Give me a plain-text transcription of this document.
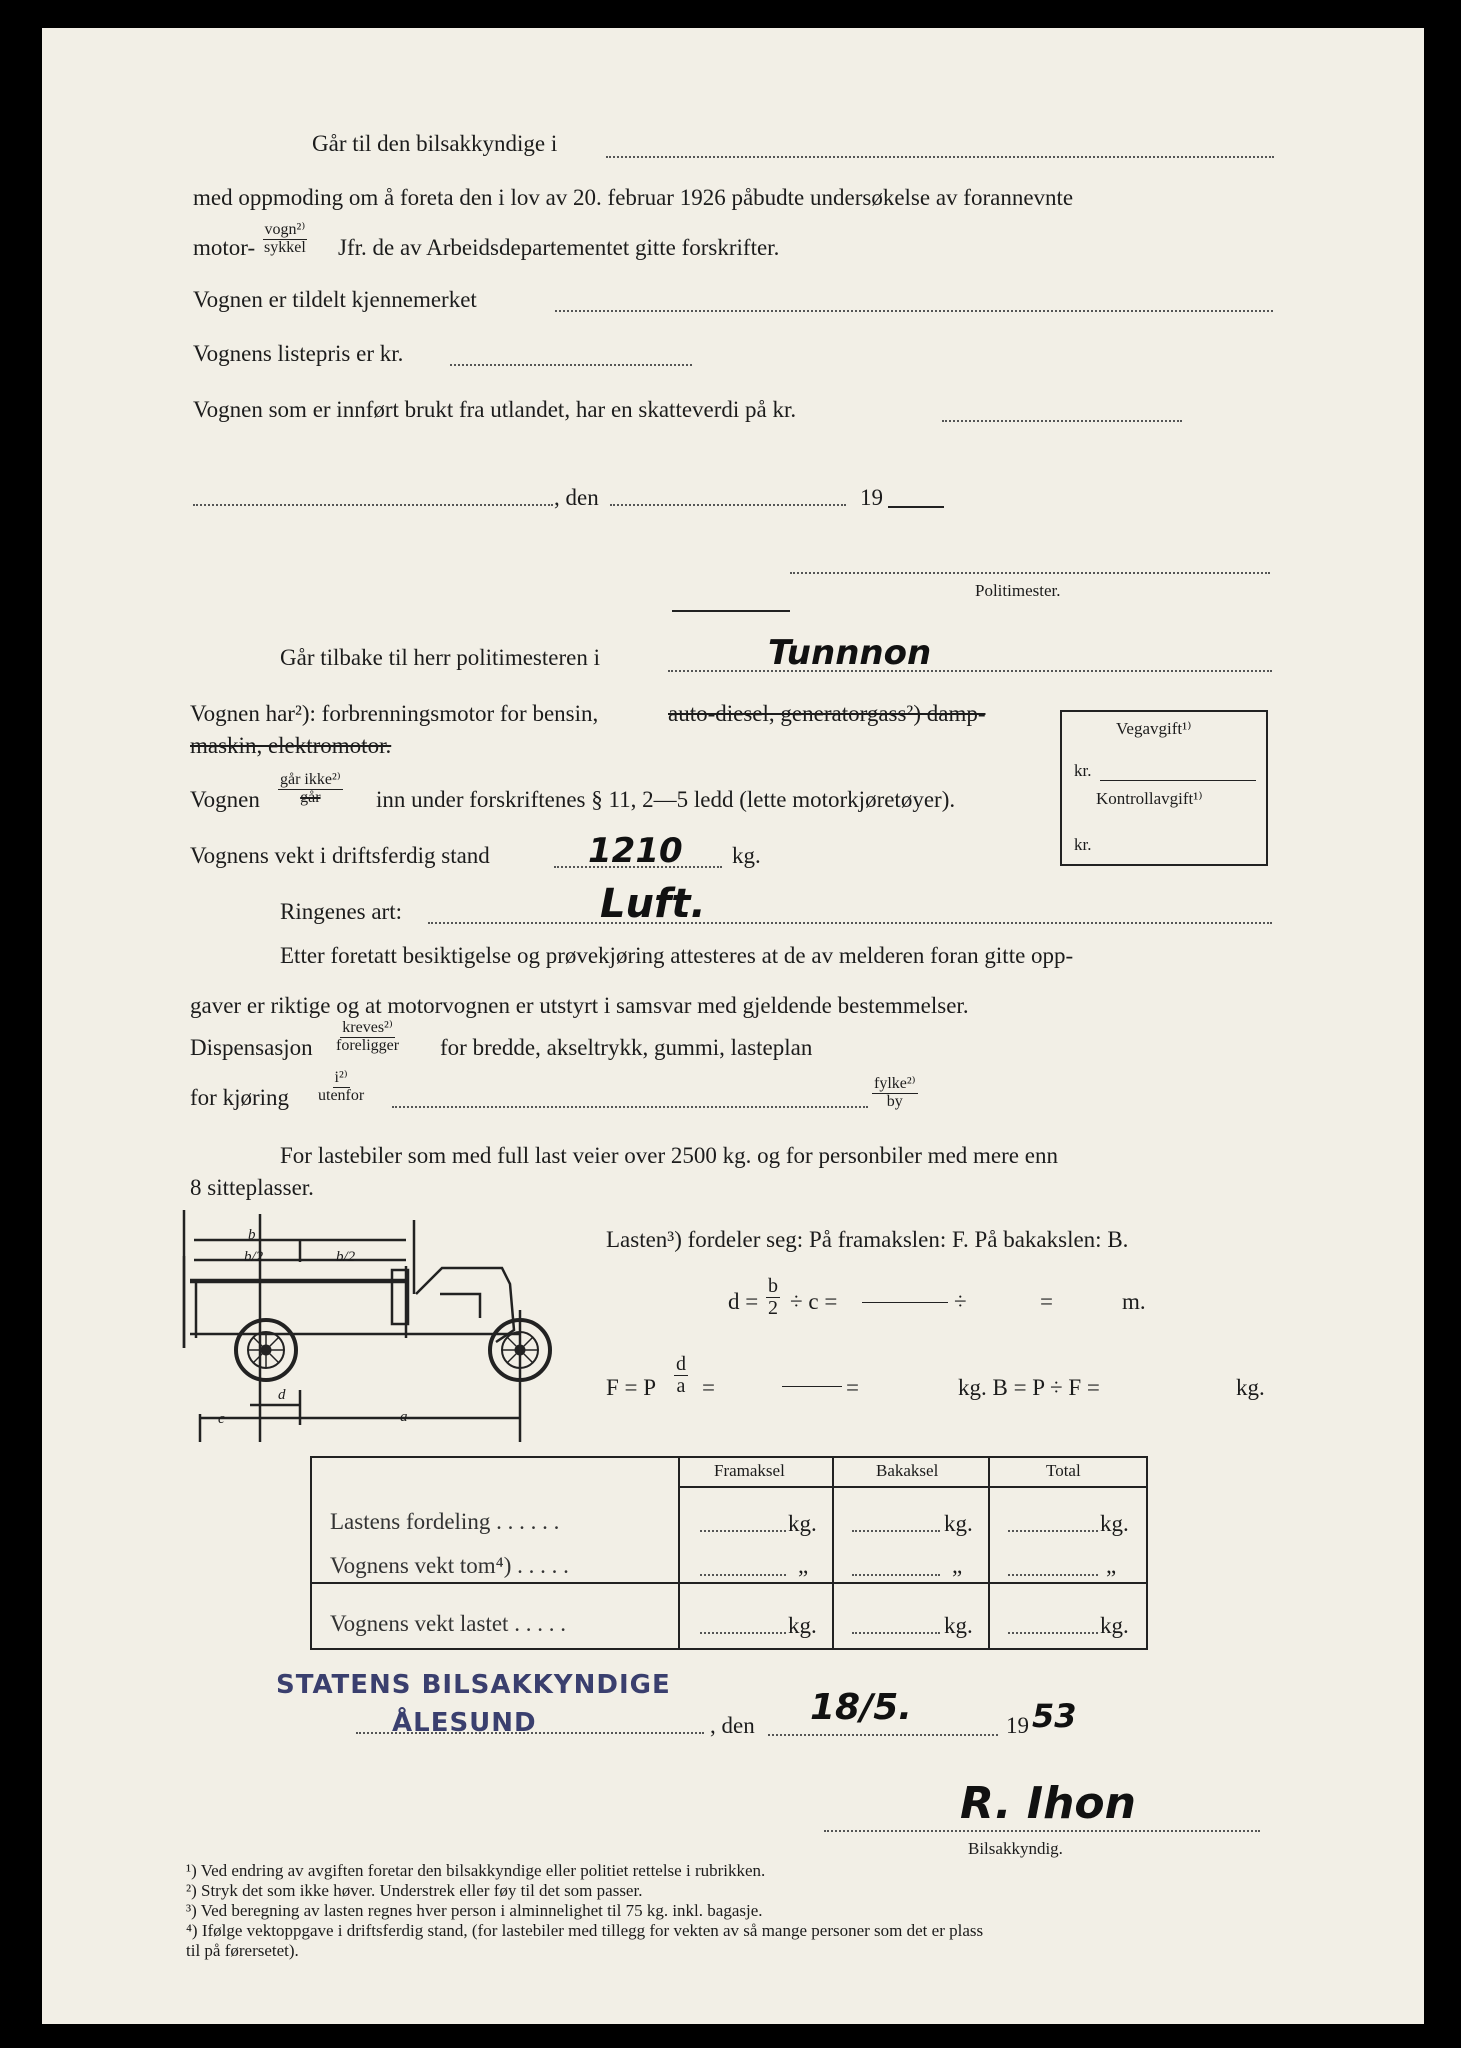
Går til den bilsakkyndige i
med oppmoding om å foreta den i lov av 20. februar 1926 påbudte undersøkelse av forannevnte
motor-
vogn²⁾
sykkel Jfr. de av Arbeidsdepartementet gitte forskrifter.
Vognen er tildelt kjennemerket
Vognens listepris er kr.
Vognen som er innført brukt fra utlandet, har en skatteverdi på kr.
, den	19
Politimester.
Går tilbake til herr politimesteren i	Tunnnon
Vognen har²): forbrenningsmotor for bensin,	auto-diesel, generatorgass²) damp-
maskin, elektromotor.
Vognen
går ikke²⁾
går inn under forskriftenes § 11, 2—5 ledd (lette motorkjøretøyer).
Vognens vekt i driftsferdig stand	1210 kg.
Ringenes art:	Luft.
Etter foretatt besiktigelse og prøvekjøring attesteres at de av melderen foran gitte opp-
gaver er riktige og at motorvognen er utstyrt i samsvar med gjeldende bestemmelser.
Dispensasjon
kreves²⁾
foreligger for bredde, akseltrykk, gummi, lasteplan
for kjøring
i²⁾
utenfor
fylke²⁾
by
For lastebiler som med full last veier over 2500 kg. og for personbiler med mere enn
8 sitteplasser.
Vegavgift¹⁾
kr.
Kontrollavgift¹⁾
kr.
b
b/2	b/2
c
d
a
Lasten³) fordeler seg: På framakslen: F. På bakakslen: B.
$d = \frac{b}{2} \div c$ =	÷	=	m.
F = P $\frac{d}{a}$ =	=	kg. B = P ÷ F =	kg.
Framaksel	Bakaksel	Total
Lastens fordeling . . . . . .	kg.	kg.	kg.
Vognens vekt tom⁴) . . . . .	„	„	„
Vognens vekt lastet . . . . .	kg.	kg.	kg.
STATENS BILSAKKYNDIGE
ÅLESUND	, den 18/5.	19 53
R. Ihon
Bilsakkyndig.
¹) Ved endring av avgiften foretar den bilsakkyndige eller politiet rettelse i rubrikken.
²) Stryk det som ikke høver. Understrek eller føy til det som passer.
³) Ved beregning av lasten regnes hver person i alminnelighet til 75 kg. inkl. bagasje.
⁴) Ifølge vektoppgave i driftsferdig stand, (for lastebiler med tillegg for vekten av så mange personer som det er plass
til på førersetet).
